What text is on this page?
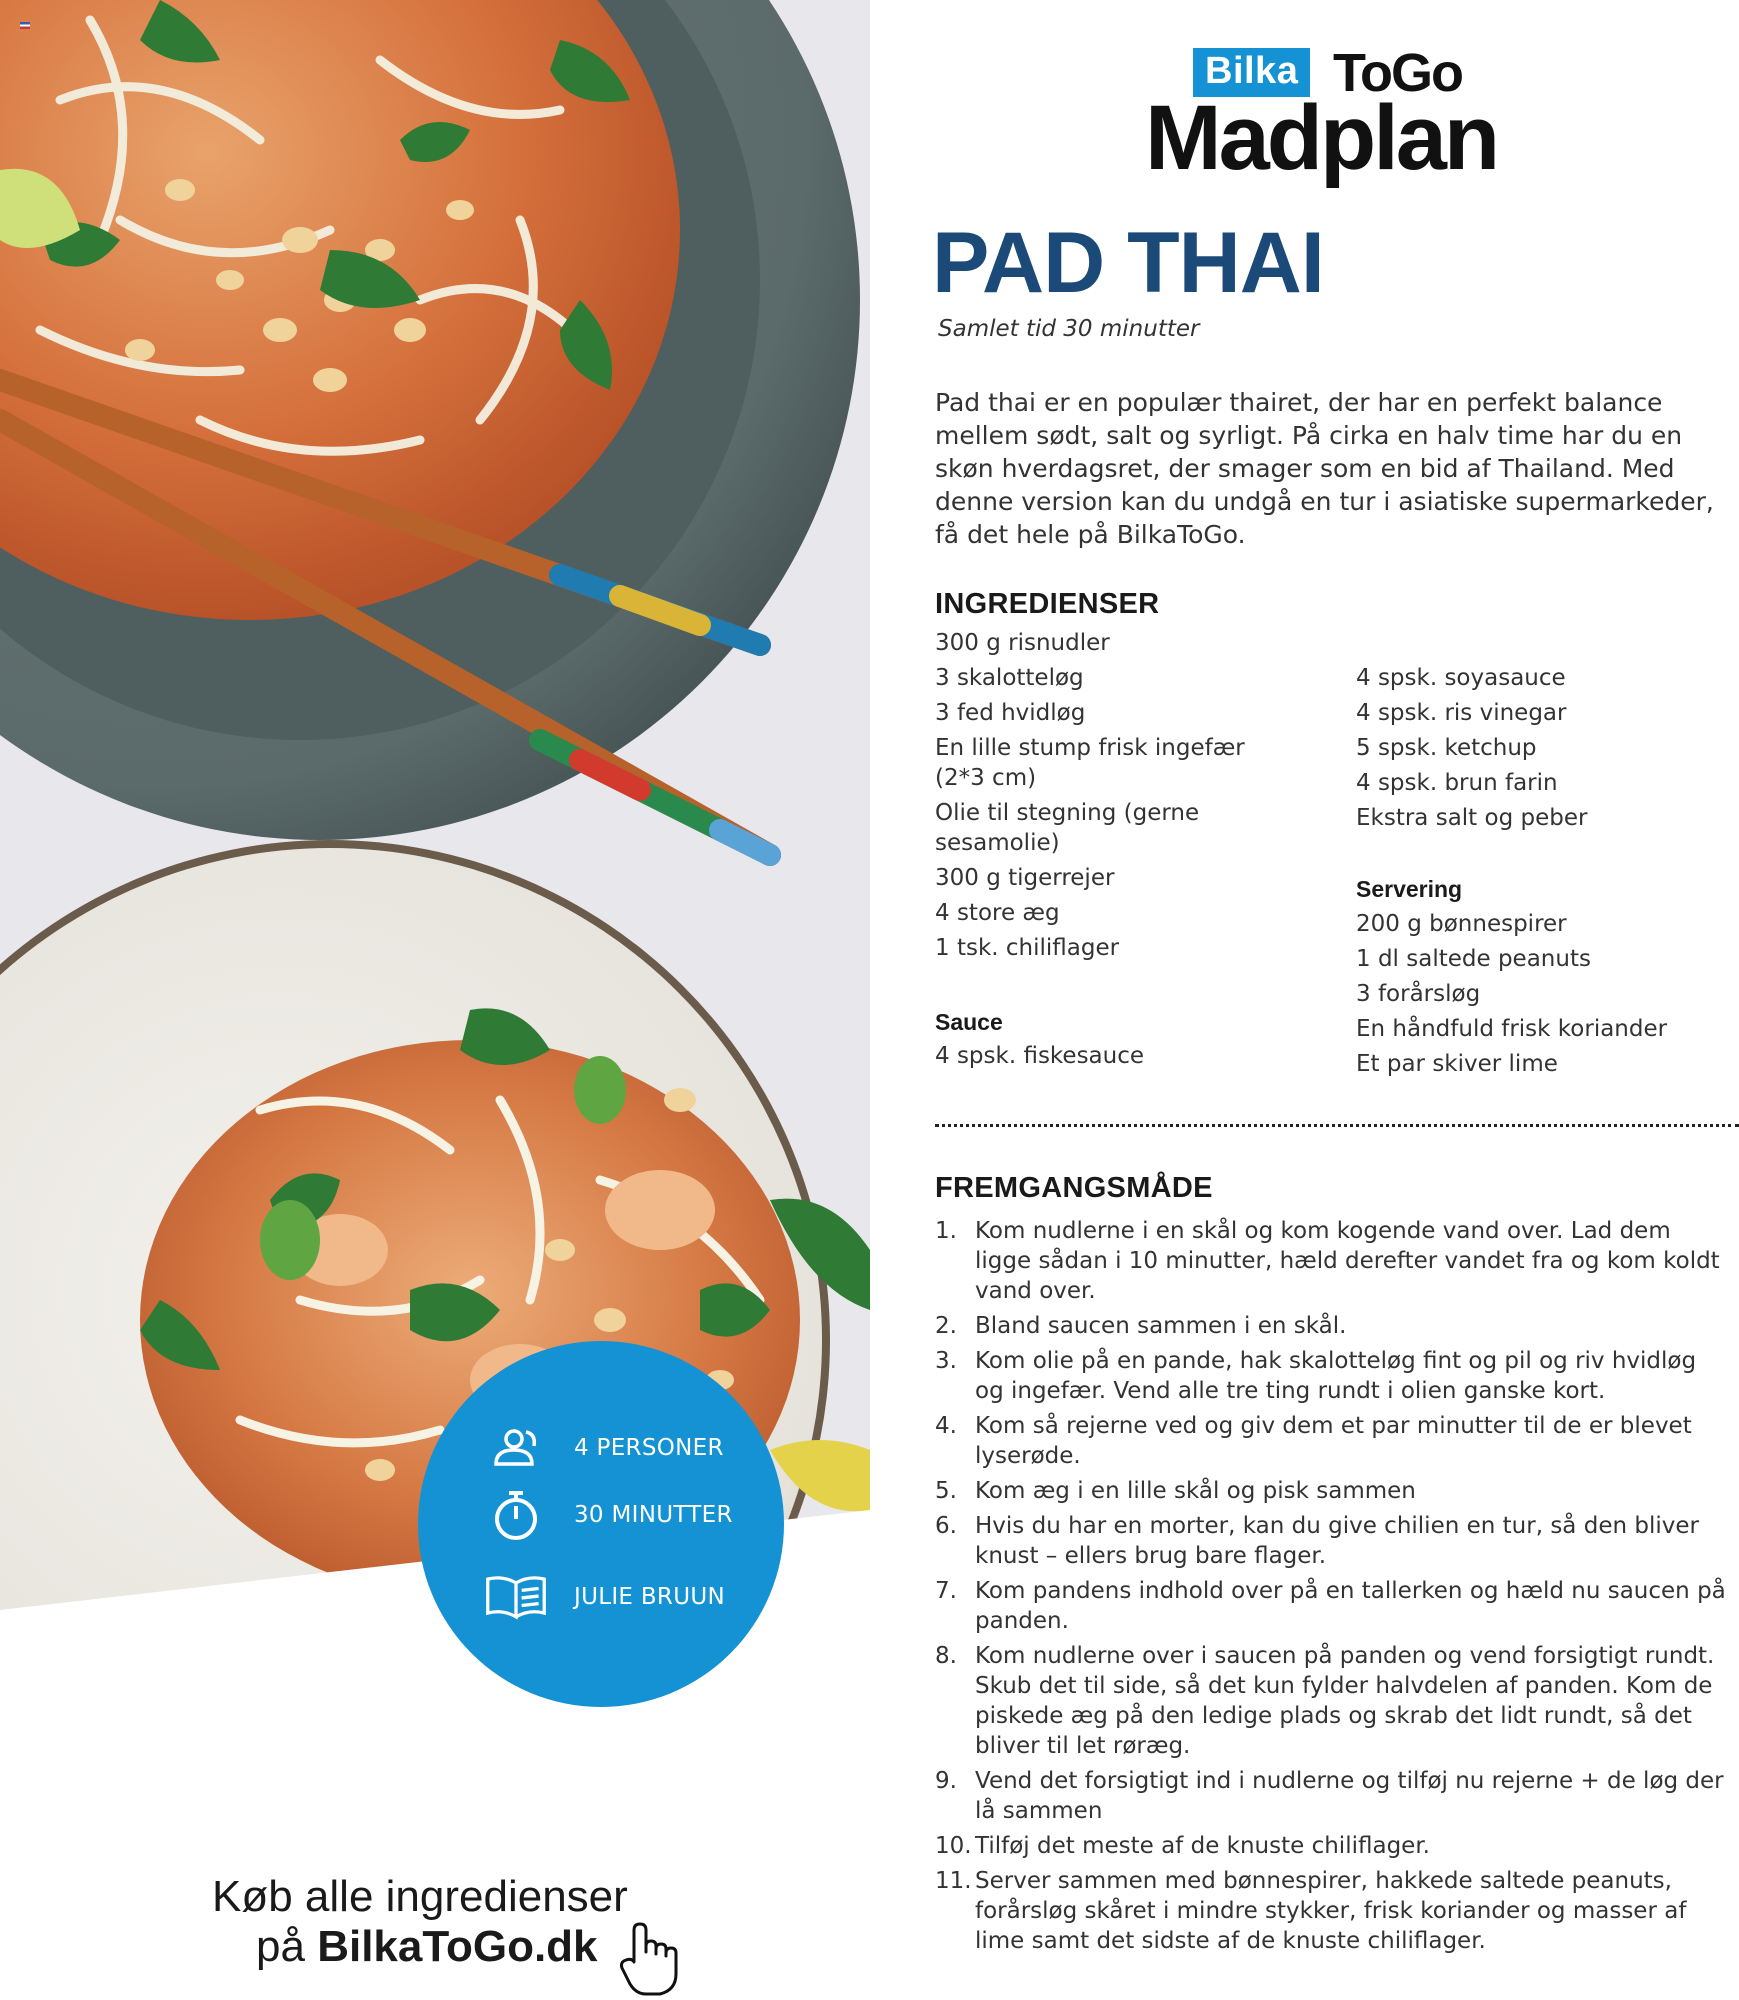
4 PERSONER
30 MINUTTER
JULIE BRUUN
Køb alle ingredienser
på BilkaToGo.dk
Bilka ToGo
Madplan
PAD THAI
Samlet tid 30 minutter

Pad thai er en populær thairet, der har en perfekt balance mellem sødt, salt og syrligt. På cirka en halv time har du en skøn hverdagsret, der smager som en bid af Thailand. Med denne version kan du undgå en tur i asiatiske supermarkeder, få det hele på BilkaToGo.

INGREDIENSER
300 g risnudler
3 skalotteløg
3 fed hvidløg
En lille stump frisk ingefær (2*3 cm)
Olie til stegning (gerne sesamolie)
300 g tigerrejer
4 store æg
1 tsk. chiliflager
Sauce
4 spsk. fiskesauce
4 spsk. soyasauce
4 spsk. ris vinegar
5 spsk. ketchup
4 spsk. brun farin
Ekstra salt og peber
Servering
200 g bønnespirer
1 dl saltede peanuts
3 forårsløg
En håndfuld frisk koriander
Et par skiver lime
FREMGANGSMÅDE
1. Kom nudlerne i en skål og kom kogende vand over. Lad dem ligge sådan i 10 minutter, hæld derefter vandet fra og kom koldt vand over.
2. Bland saucen sammen i en skål.
3. Kom olie på en pande, hak skalotteløg fint og pil og riv hvidløg og ingefær. Vend alle tre ting rundt i olien ganske kort.
4. Kom så rejerne ved og giv dem et par minutter til de er blevet lyserøde.
5. Kom æg i en lille skål og pisk sammen
6. Hvis du har en morter, kan du give chilien en tur, så den bliver knust – ellers brug bare flager.
7. Kom pandens indhold over på en tallerken og hæld nu saucen på panden.
8. Kom nudlerne over i saucen på panden og vend forsigtigt rundt. Skub det til side, så det kun fylder halvdelen af panden. Kom de piskede æg på den ledige plads og skrab det lidt rundt, så det bliver til let røræg.
9. Vend det forsigtigt ind i nudlerne og tilføj nu rejerne + de løg der lå sammen
10. Tilføj det meste af de knuste chiliflager.
11. Server sammen med bønnespirer, hakkede saltede peanuts, forårsløg skåret i mindre stykker, frisk koriander og masser af lime samt det sidste af de knuste chiliflager.
